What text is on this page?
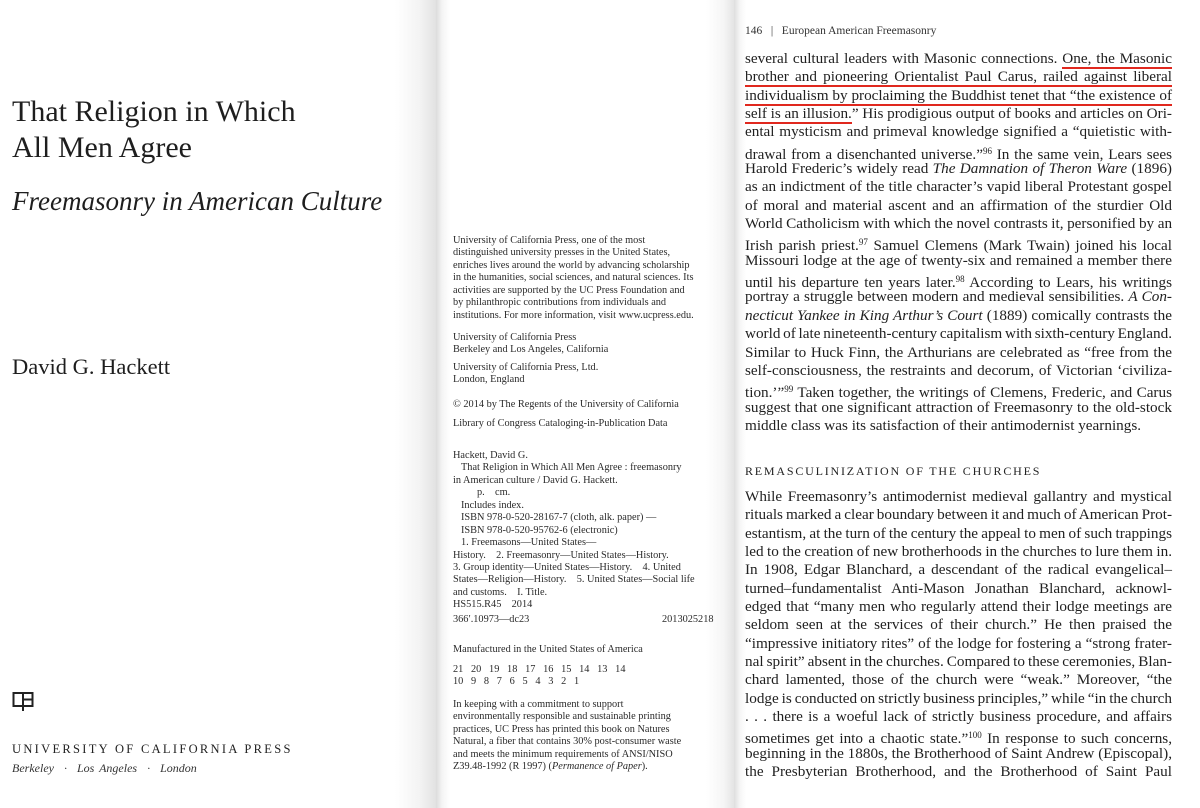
That Religion in Which
All Men Agree
Freemasonry in American Culture
David G. Hackett
UNIVERSITY OF CALIFORNIA PRESS
Berkeley  ·  Los Angeles  ·  London
University of California Press, one of the most
distinguished university presses in the United States,
enriches lives around the world by advancing scholarship
in the humanities, social sciences, and natural sciences. Its
activities are supported by the UC Press Foundation and
by philanthropic contributions from individuals and
institutions. For more information, visit www.ucpress.edu.
University of California Press
Berkeley and Los Angeles, California
University of California Press, Ltd.
London, England
© 2014 by The Regents of the University of California
Library of Congress Cataloging-in-Publication Data
Hackett, David G.
That Religion in Which All Men Agree : freemasonry
in American culture / David G. Hackett.
p.    cm.
Includes index.
ISBN 978-0-520-28167-7 (cloth, alk. paper) —
ISBN 978-0-520-95762-6 (electronic)
1. Freemasons—United States—
History.    2. Freemasonry—United States—History.
3. Group identity—United States—History.    4. United
States—Religion—History.    5. United States—Social life
and customs.    I. Title.
HS515.R45    2014
Manufactured in the United States of America
21   20   19   18   17   16   15   14   13   14
10   9   8   7   6   5   4   3   2   1
In keeping with a commitment to support
environmentally responsible and sustainable printing
practices, UC Press has printed this book on Natures
Natural, a fiber that contains 30% post-consumer waste
and meets the minimum requirements of ANSI/NISO
Z39.48-1992 (R 1997) (Permanence of Paper).
366′.10973—dc23	2013025218
146   |   European American Freemasonry
several cultural leaders with Masonic connections. One, the Masonic
brother and pioneering Orientalist Paul Carus, railed against liberal
individualism by proclaiming the Buddhist tenet that “the existence of
self is an illusion.” His prodigious output of books and articles on Ori-
ental mysticism and primeval knowledge signified a “quietistic with-
drawal from a disenchanted universe.”$^{96}$ In the same vein, Lears sees
Harold Frederic’s widely read The Damnation of Theron Ware (1896)
as an indictment of the title character’s vapid liberal Protestant gospel
of moral and material ascent and an affirmation of the sturdier Old
World Catholicism with which the novel contrasts it, personified by an
Irish parish priest.$^{97}$ Samuel Clemens (Mark Twain) joined his local
Missouri lodge at the age of twenty-six and remained a member there
until his departure ten years later.$^{98}$ According to Lears, his writings
portray a struggle between modern and medieval sensibilities. A Con-
necticut Yankee in King Arthur’s Court (1889) comically contrasts the
world of late nineteenth-century capitalism with sixth-century England.
Similar to Huck Finn, the Arthurians are celebrated as “free from the
self-consciousness, the restraints and decorum, of Victorian ‘civiliza-
tion.’”$^{99}$ Taken together, the writings of Clemens, Frederic, and Carus
suggest that one significant attraction of Freemasonry to the old-stock
middle class was its satisfaction of their antimodernist yearnings.
REMASCULINIZATION OF THE CHURCHES
While Freemasonry’s antimodernist medieval gallantry and mystical
rituals marked a clear boundary between it and much of American Prot-
estantism, at the turn of the century the appeal to men of such trappings
led to the creation of new brotherhoods in the churches to lure them in.
In 1908, Edgar Blanchard, a descendant of the radical evangelical–
turned–fundamentalist Anti-Mason Jonathan Blanchard, acknowl-
edged that “many men who regularly attend their lodge meetings are
seldom seen at the services of their church.” He then praised the
“impressive initiatory rites” of the lodge for fostering a “strong frater-
nal spirit” absent in the churches. Compared to these ceremonies, Blan-
chard lamented, those of the church were “weak.” Moreover, “the
lodge is conducted on strictly business principles,” while “in the church
. . . there is a woeful lack of strictly business procedure, and affairs
sometimes get into a chaotic state.”$^{100}$ In response to such concerns,
beginning in the 1880s, the Brotherhood of Saint Andrew (Episcopal),
the Presbyterian Brotherhood, and the Brotherhood of Saint Paul
